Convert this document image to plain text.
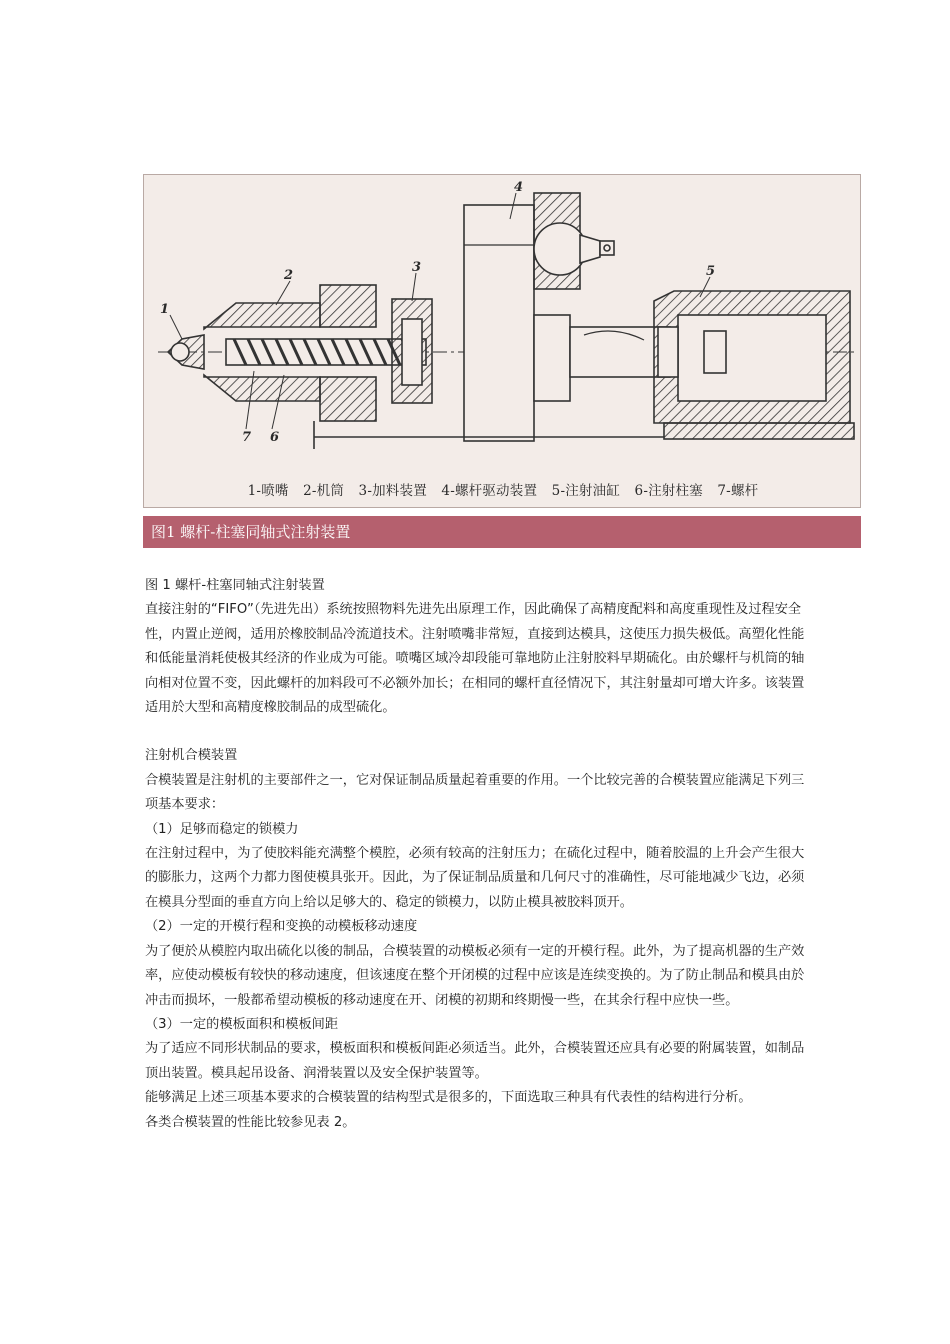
1
2
3
4
5
6
7
1-喷嘴 2-机筒 3-加料装置 4-螺杆驱动装置 5-注射油缸 6-注射柱塞 7-螺杆
图1 螺杆-柱塞同轴式注射装置

图 1 螺杆-柱塞同轴式注射装置

直接注射的“FIFO”（先进先出）系统按照物料先进先出原理工作，因此确保了高精度配料和高度重现性及过程安全性，内置止逆阀，适用於橡胶制品冷流道技术。注射喷嘴非常短，直接到达模具，这使压力损失极低。高塑化性能和低能量消耗使极其经济的作业成为可能。喷嘴区域冷却段能可靠地防止注射胶料早期硫化。由於螺杆与机筒的轴向相对位置不变，因此螺杆的加料段可不必额外加长；在相同的螺杆直径情况下，其注射量却可增大许多。该装置适用於大型和高精度橡胶制品的成型硫化。

注射机合模装置

合模装置是注射机的主要部件之一，它对保证制品质量起着重要的作用。一个比较完善的合模装置应能满足下列三项基本要求：

（1）足够而稳定的锁模力

在注射过程中，为了使胶料能充满整个模腔，必须有较高的注射压力；在硫化过程中，随着胶温的上升会产生很大的膨胀力，这两个力都力图使模具张开。因此，为了保证制品质量和几何尺寸的准确性，尽可能地减少飞边，必须在模具分型面的垂直方向上给以足够大的、稳定的锁模力，以防止模具被胶料顶开。

（2）一定的开模行程和变换的动模板移动速度

为了便於从模腔内取出硫化以後的制品，合模装置的动模板必须有一定的开模行程。此外，为了提高机器的生产效率，应使动模板有较快的移动速度，但该速度在整个开闭模的过程中应该是连续变换的。为了防止制品和模具由於冲击而损坏，一般都希望动模板的移动速度在开、闭模的初期和终期慢一些，在其余行程中应快一些。

（3）一定的模板面积和模板间距

为了适应不同形状制品的要求，模板面积和模板间距必须适当。此外，合模装置还应具有必要的附属装置，如制品顶出装置。模具起吊设备、润滑装置以及安全保护装置等。

能够满足上述三项基本要求的合模装置的结构型式是很多的，下面选取三种具有代表性的结构进行分析。

各类合模装置的性能比较参见表 2。
